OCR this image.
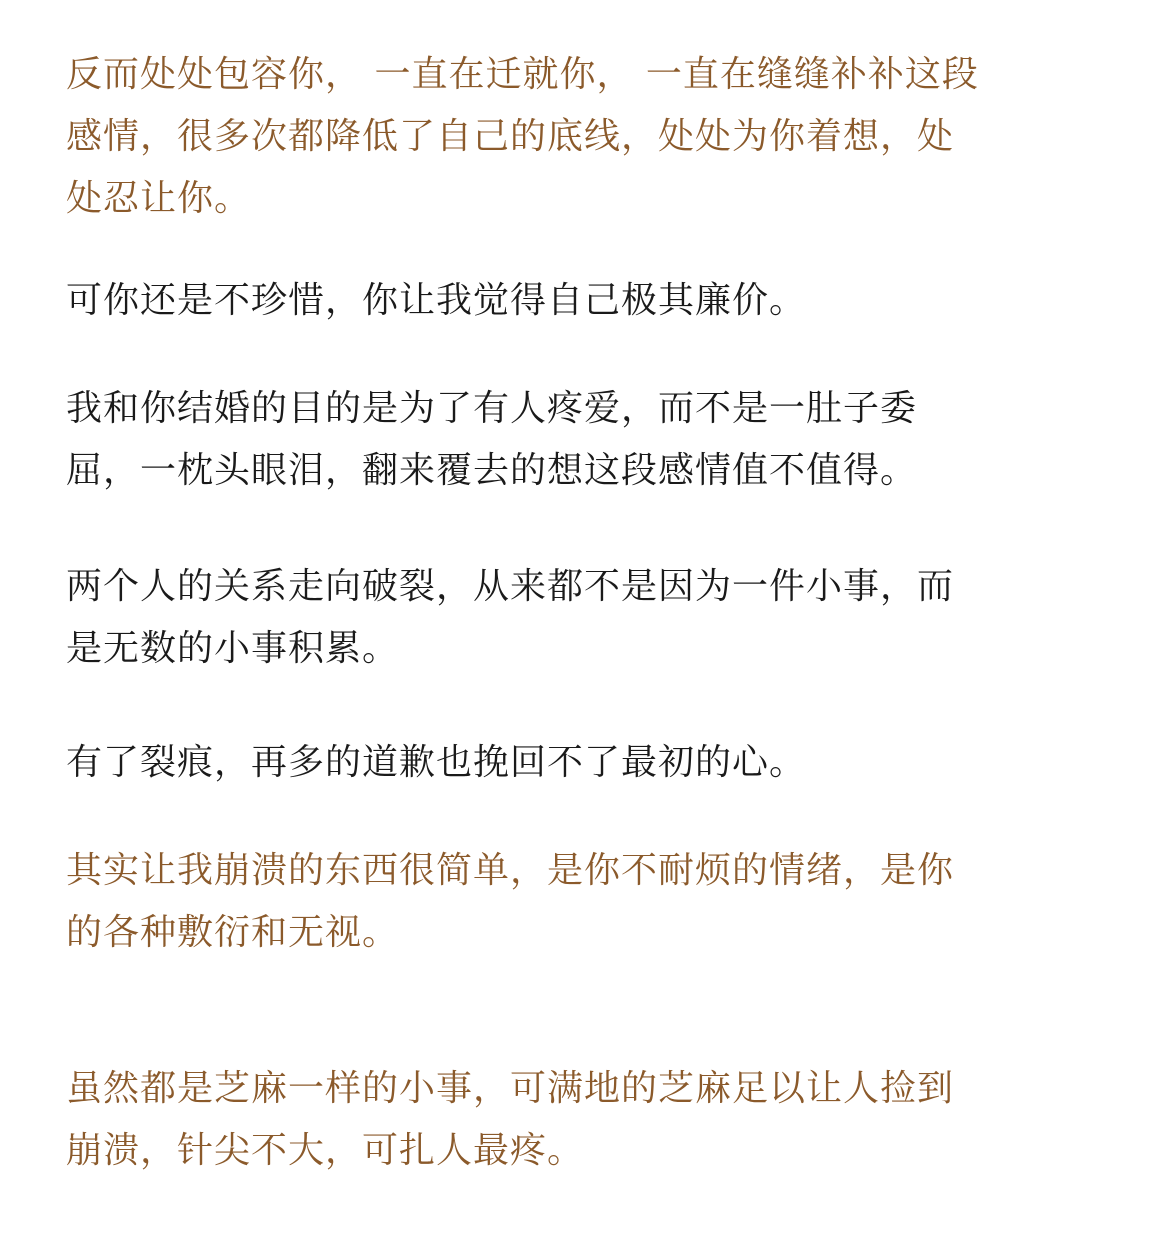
反而处处包容你， 一直在迁就你， 一直在缝缝补补这段
感情，很多次都降低了自己的底线，处处为你着想，处
处忍让你。

可你还是不珍惜，你让我觉得自己极其廉价。

我和你结婚的目的是为了有人疼爱，而不是一肚子委
屈，一枕头眼泪，翻来覆去的想这段感情值不值得。

两个人的关系走向破裂，从来都不是因为一件小事，而
是无数的小事积累。

有了裂痕，再多的道歉也挽回不了最初的心。

其实让我崩溃的东西很简单，是你不耐烦的情绪，是你
的各种敷衍和无视。

虽然都是芝麻一样的小事，可满地的芝麻足以让人捡到
崩溃，针尖不大，可扎人最疼。
